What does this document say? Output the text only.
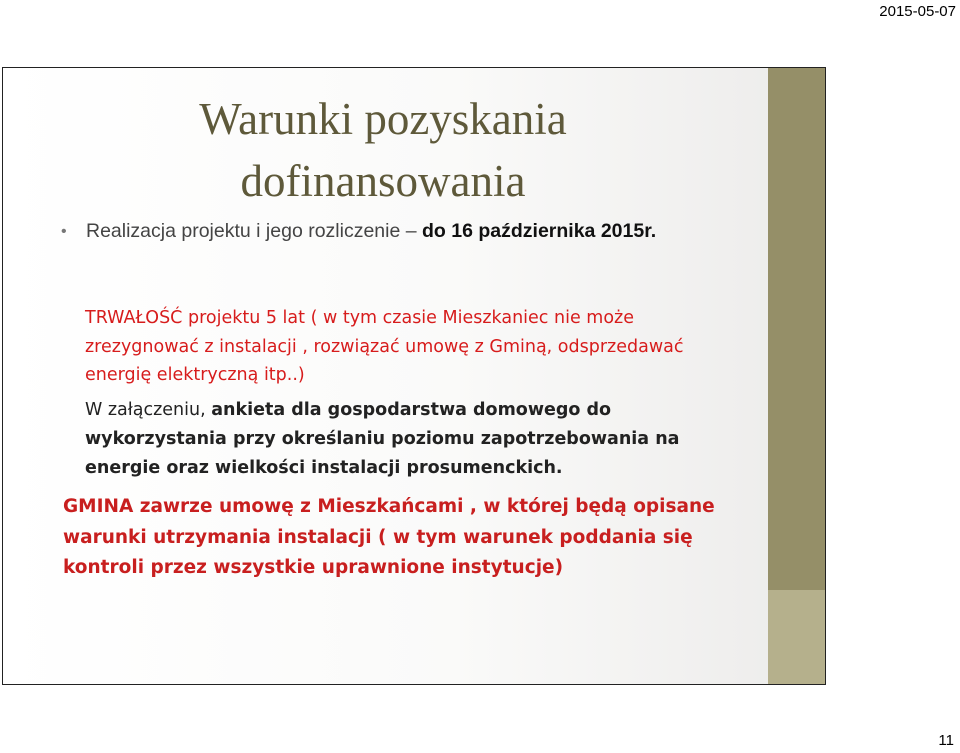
2015-05-07
Warunki pozyskania
dofinansowania
• Realizacja projektu i jego rozliczenie – do 16 października 2015r.

TRWAŁOŚĆ projektu 5 lat ( w tym czasie Mieszkaniec nie może zrezygnować z instalacji , rozwiązać umowę z Gminą, odsprzedawać energię elektryczną itp..)

W załączeniu, ankieta dla gospodarstwa domowego do wykorzystania przy określaniu poziomu zapotrzebowania na energie oraz wielkości instalacji prosumenckich.

GMINA zawrze umowę z Mieszkańcami , w której będą opisane warunki utrzymania instalacji ( w tym warunek poddania się kontroli przez wszystkie uprawnione instytucje)

11
